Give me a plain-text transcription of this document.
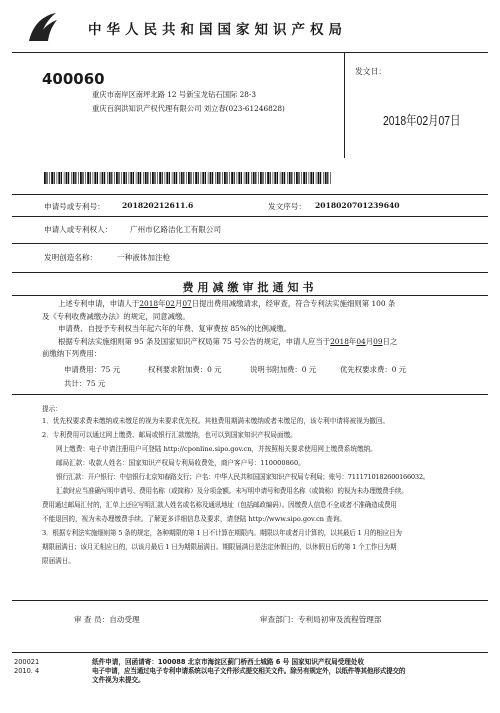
中华人民共和国国家知识产权局
400060
重庆市南岸区南坪北路 12 号新宝龙钻石国际 28-3
重庆百润洪知识产权代理有限公司 刘立春(023-61246828)
发文日：
2018年02月07日
申请号或专利号： 201820212611.6	发文序号： 2018020701239640
申请人或专利权人： 广州市亿路洁化工有限公司
发明创造名称：	一种液体加注枪
费用减缴审批通知书
上述专利申请，申请人于2018年02月07日提出费用减缴请求，经审查，符合专利法实施细则第 100 条
及《专利收费减缴办法》的规定，同意减缴。
申请费、自授予专利权当年起六年的年费、复审费按 85%的比例减缴。
根据专利法实施细则第 95 条及国家知识产权局第 75 号公告的规定，申请人应当于2018年04月09日之
前缴纳下列费用：
申请费用：75 元	权利要求附加费：0 元	说明书附加费：0 元	优先权要求费：0 元
共计：75 元
提示：
1．优先权要求费未缴纳或未缴足的视为未要求优先权。其他费用期满未缴纳或者未缴足的，该专利申请将被视为撤回。
2．专利费用可以通过网上缴费、邮局或银行汇款缴纳，也可以到国家知识产权局面缴。
网上缴费：电子申请注册用户可登陆 http://cponline.sipo.gov.cn，并按照相关要求使用网上缴费系统缴纳。
邮局汇款：收款人姓名：国家知识产权局专利局收费处，商户客户号：110000860。
银行汇款：开户银行：中信银行北京知春路支行；户名：中华人民共和国国家知识产权局专利局；账号：7111710182600166032。
汇款时应当准确写明申请号、费用名称（或简称）及分项金额。未写明申请号和费用名称（或简称）的视为未办理缴费手续。
费用通过邮局汇付的，汇单上还应写明汇款人姓名或名称及通讯地址（包括邮政编码）。因缴费人信息不全或者不准确造成费用
不能退回的，视为未办理缴费手续。了解更多详细信息及要求，请登陆 http://www.sipo.gov.cn 查询。
3．根据专利法实施细则第 5 条的规定，各种期限的第 1 日不计算在期限内。期限以年或者月计算的，以其最后 1 月的相应日为
期限届满日；该月无相应日的，以该月最后 1 日为期限届满日。期限届满日是法定休假日的，以休假日后的第 1 个工作日为期
限届满日。
审 查 员：自动受理	审查部门：专利局初审及流程管理部
200021
2010. 4
纸件申请，回函请寄：100088 北京市海淀区蓟门桥西土城路 6 号 国家知识产权局受理处收
电子申请，应当通过电子专利申请系统以电子文件形式提交相关文件。除另有规定外，以纸件等其他形式提交的
文件视为未提交。
